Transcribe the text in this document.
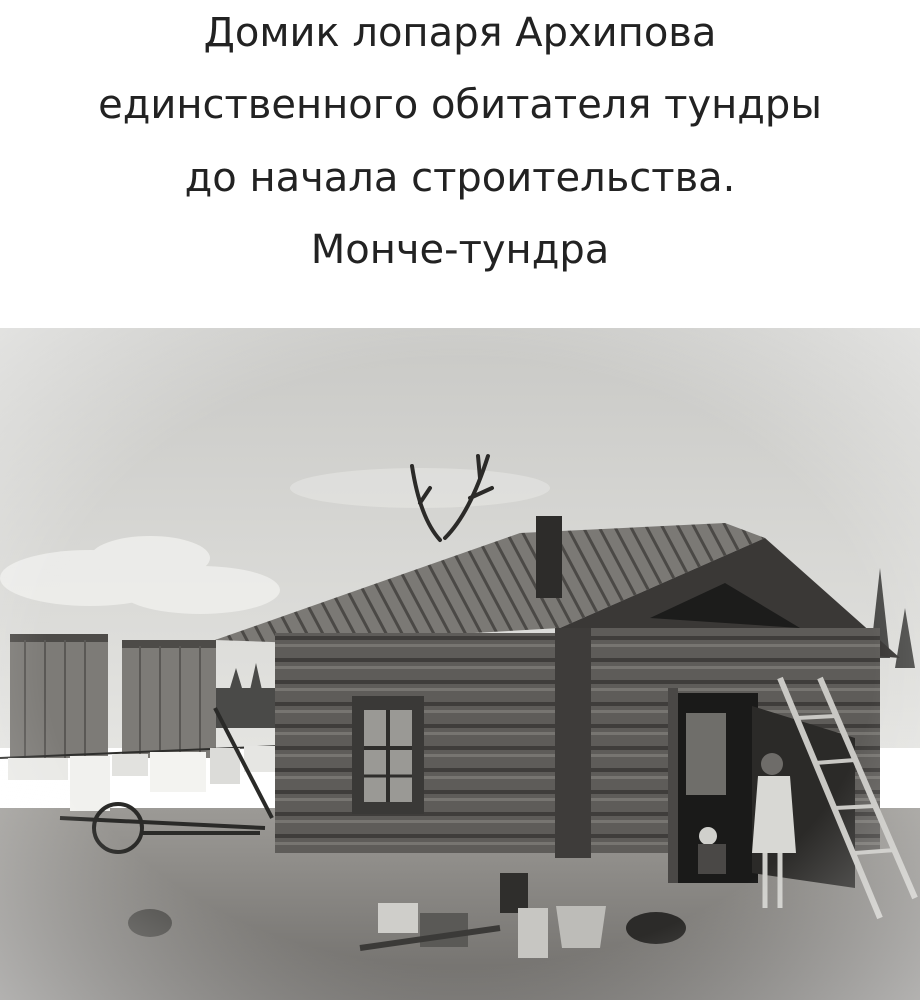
Домик лопаря Архипова
единственного обитателя тундры
до начала строительства.
Монче-тундра
